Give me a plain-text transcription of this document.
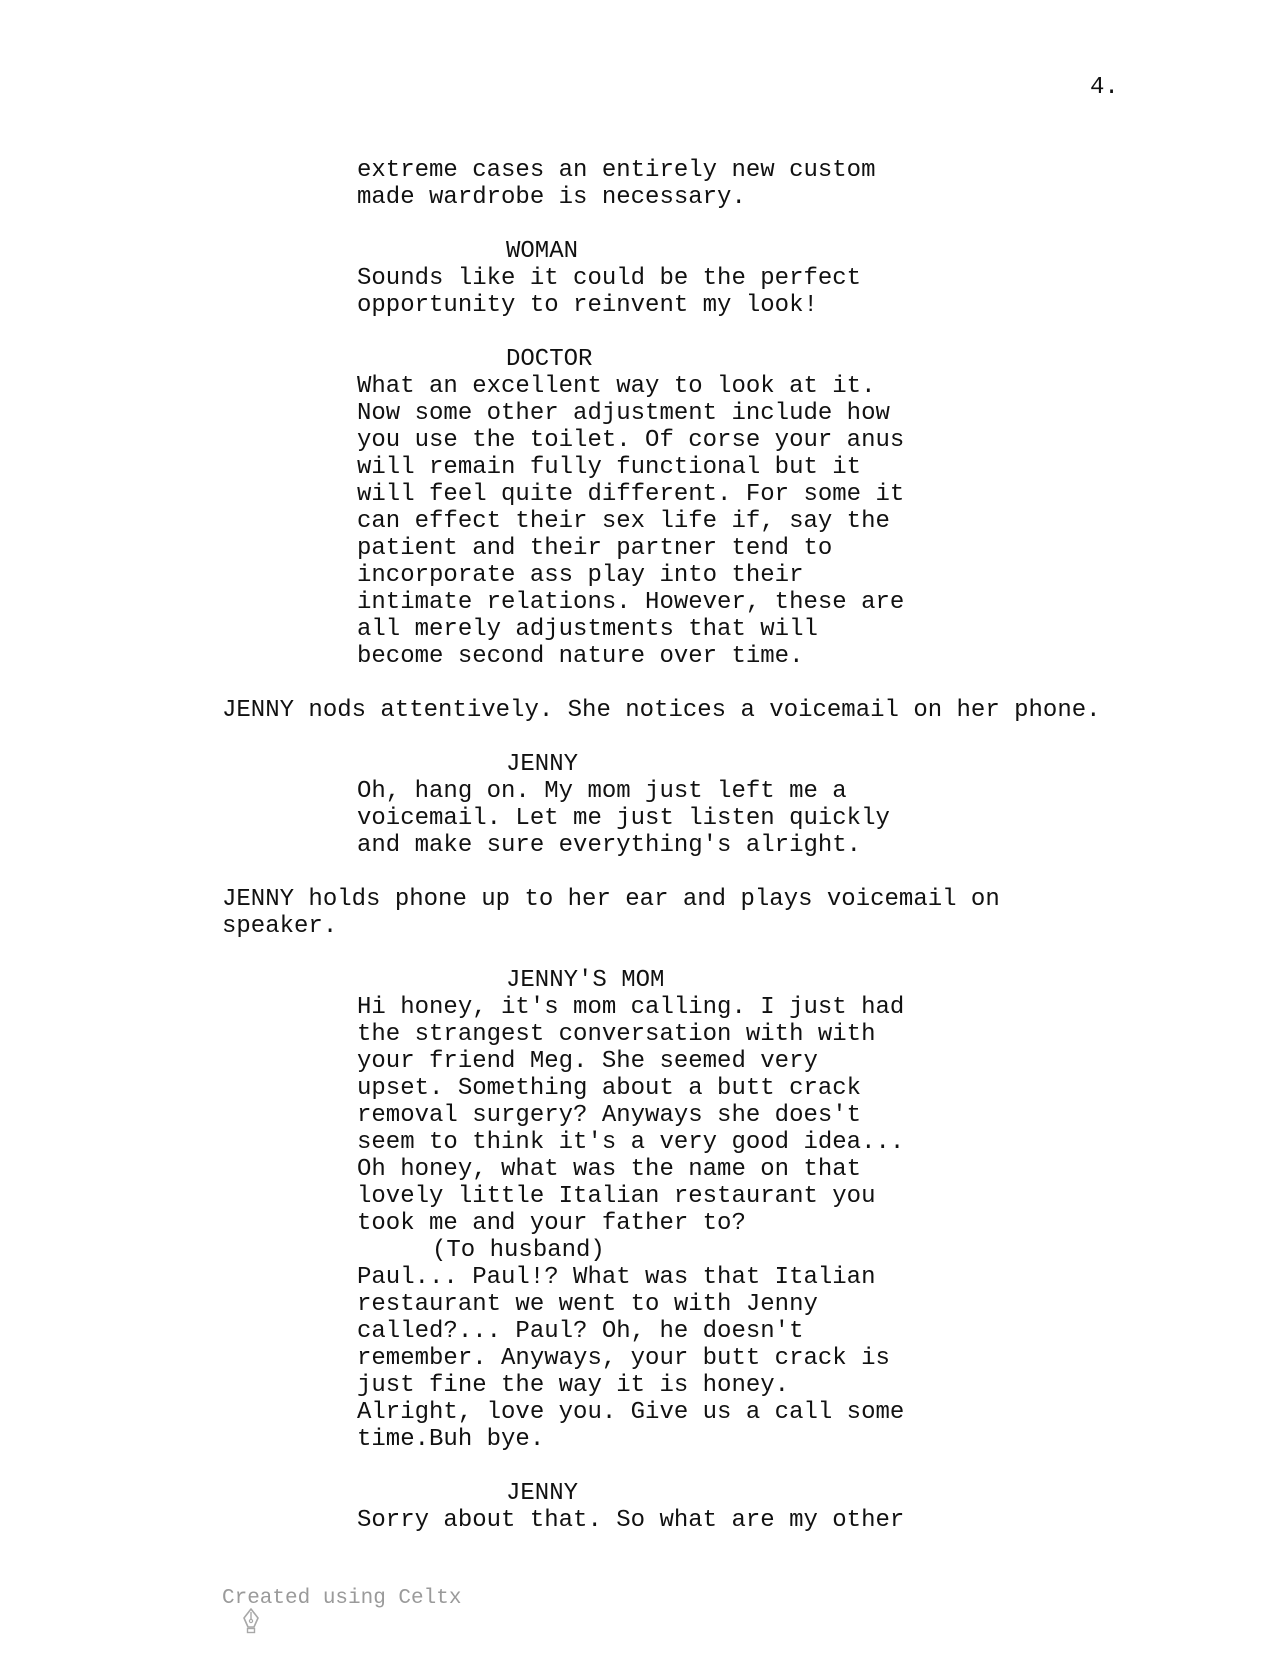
4.
extreme cases an entirely new custom
made wardrobe is necessary.
WOMAN
Sounds like it could be the perfect
opportunity to reinvent my look!
DOCTOR
What an excellent way to look at it.
Now some other adjustment include how
you use the toilet. Of corse your anus
will remain fully functional but it
will feel quite different. For some it
can effect their sex life if, say the
patient and their partner tend to
incorporate ass play into their
intimate relations. However, these are
all merely adjustments that will
become second nature over time.
JENNY nods attentively. She notices a voicemail on her phone.
JENNY
Oh, hang on. My mom just left me a
voicemail. Let me just listen quickly
and make sure everything's alright.
JENNY holds phone up to her ear and plays voicemail on
speaker.
JENNY'S MOM
Hi honey, it's mom calling. I just had
the strangest conversation with with
your friend Meg. She seemed very
upset. Something about a butt crack
removal surgery? Anyways she does't
seem to think it's a very good idea...
Oh honey, what was the name on that
lovely little Italian restaurant you
took me and your father to?
(To husband)
Paul... Paul!? What was that Italian
restaurant we went to with Jenny
called?... Paul? Oh, he doesn't
remember. Anyways, your butt crack is
just fine the way it is honey.
Alright, love you. Give us a call some
time.Buh bye.
JENNY
Sorry about that. So what are my other

Created using Celtx
